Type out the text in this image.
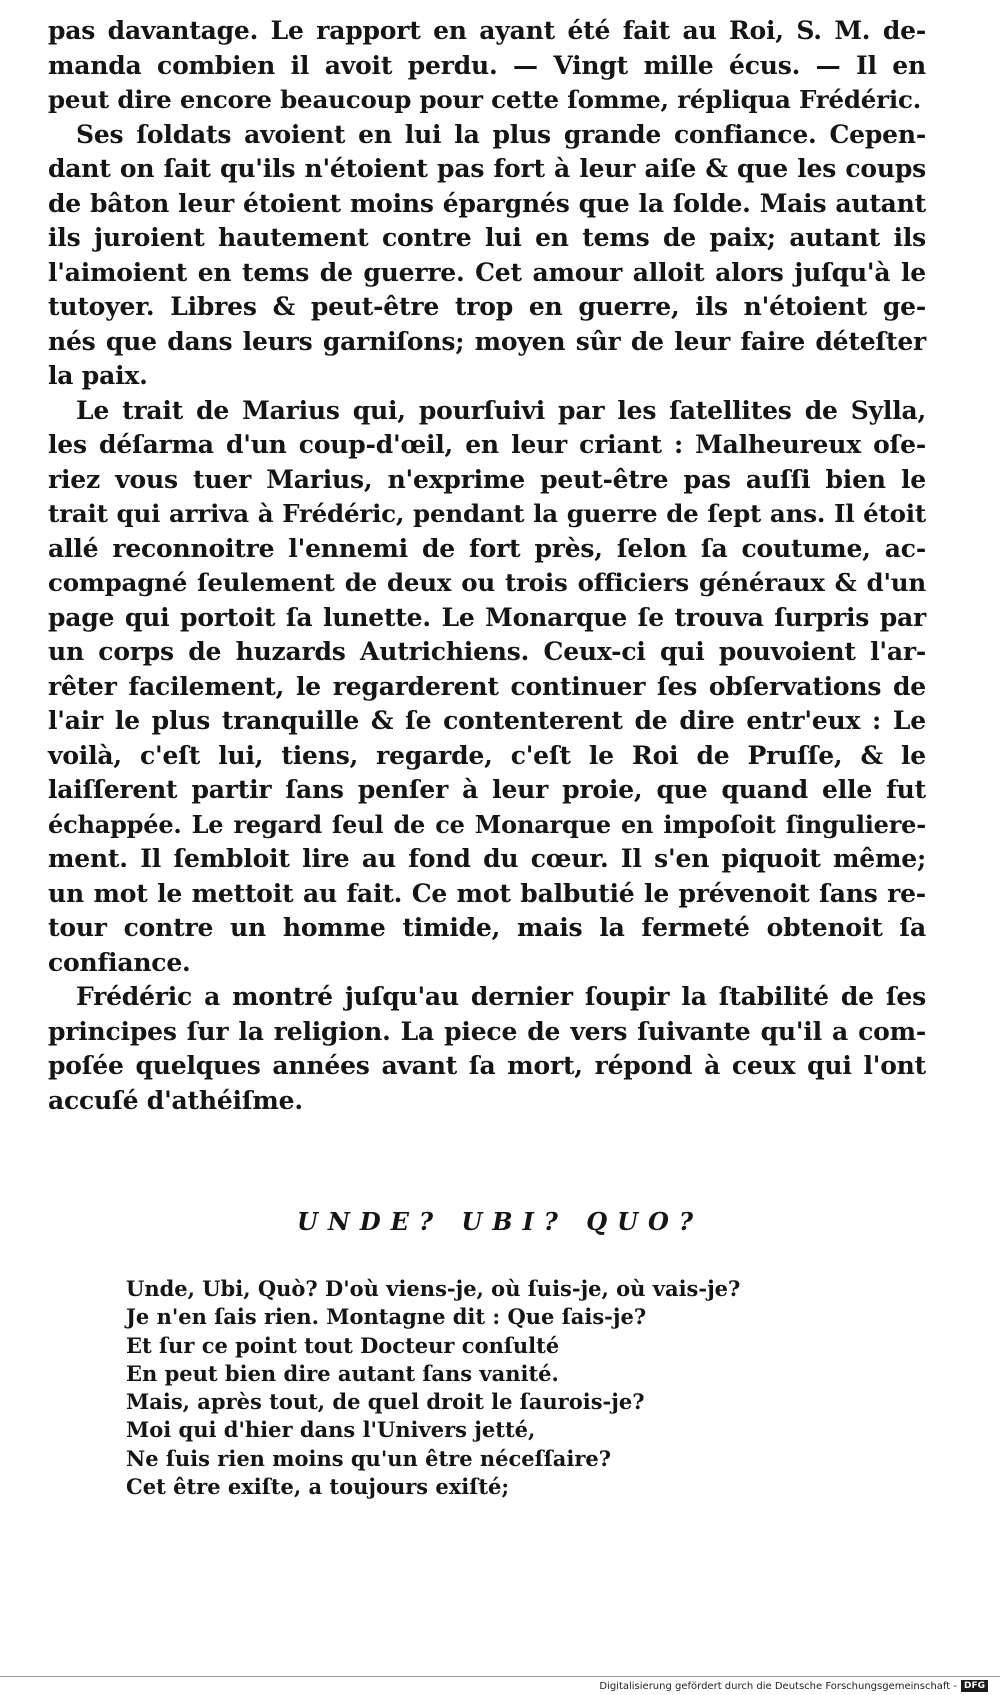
pas davantage. Le rapport en ayant été fait au Roi, S. M. de-
manda combien il avoit perdu. — Vingt mille écus. — Il en
peut dire encore beaucoup pour cette ſomme, répliqua Frédéric.
Ses ſoldats avoient en lui la plus grande confiance. Cepen-
dant on ſait qu'ils n'étoient pas fort à leur aiſe & que les coups
de bâton leur étoient moins épargnés que la ſolde. Mais autant
ils juroient hautement contre lui en tems de paix; autant ils
l'aimoient en tems de guerre. Cet amour alloit alors juſqu'à le
tutoyer. Libres & peut-être trop en guerre, ils n'étoient ge-
nés que dans leurs garniſons; moyen sûr de leur faire déteſter
la paix.
Le trait de Marius qui, pourſuivi par les ſatellites de Sylla,
les déſarma d'un coup-d'œil, en leur criant : Malheureux oſe-
riez vous tuer Marius, n'exprime peut-être pas auſſi bien le
trait qui arriva à Frédéric, pendant la guerre de ſept ans. Il étoit
allé reconnoitre l'ennemi de fort près, ſelon ſa coutume, ac-
compagné ſeulement de deux ou trois officiers généraux & d'un
page qui portoit ſa lunette. Le Monarque ſe trouva ſurpris par
un corps de huzards Autrichiens. Ceux-ci qui pouvoient l'ar-
rêter facilement, le regarderent continuer ſes obſervations de
l'air le plus tranquille & ſe contenterent de dire entr'eux : Le
voilà, c'eſt lui, tiens, regarde, c'eſt le Roi de Pruſſe, & le
laiſſerent partir ſans penſer à leur proie, que quand elle fut
échappée. Le regard ſeul de ce Monarque en impoſoit ſinguliere-
ment. Il ſembloit lire au fond du cœur. Il s'en piquoit même;
un mot le mettoit au fait. Ce mot balbutié le prévenoit ſans re-
tour contre un homme timide, mais la fermeté obtenoit ſa
confiance.
Frédéric a montré juſqu'au dernier ſoupir la ſtabilité de ſes
principes ſur la religion. La piece de vers ſuivante qu'il a com-
poſée quelques années avant ſa mort, répond à ceux qui l'ont
accuſé d'athéiſme.
UNDE? UBI? QUO?
Unde, Ubi, Quò? D'où viens-je, où ſuis-je, où vais-je?
Je n'en ſais rien. Montagne dit : Que ſais-je?
Et ſur ce point tout Docteur conſulté
En peut bien dire autant ſans vanité.
Mais, après tout, de quel droit le ſaurois-je?
Moi qui d'hier dans l'Univers jetté,
Ne ſuis rien moins qu'un être néceſſaire?
Cet être exiſte, a toujours exiſté;
Digitalisierung gefördert durch die Deutsche Forschungsgemeinschaft - DFG
